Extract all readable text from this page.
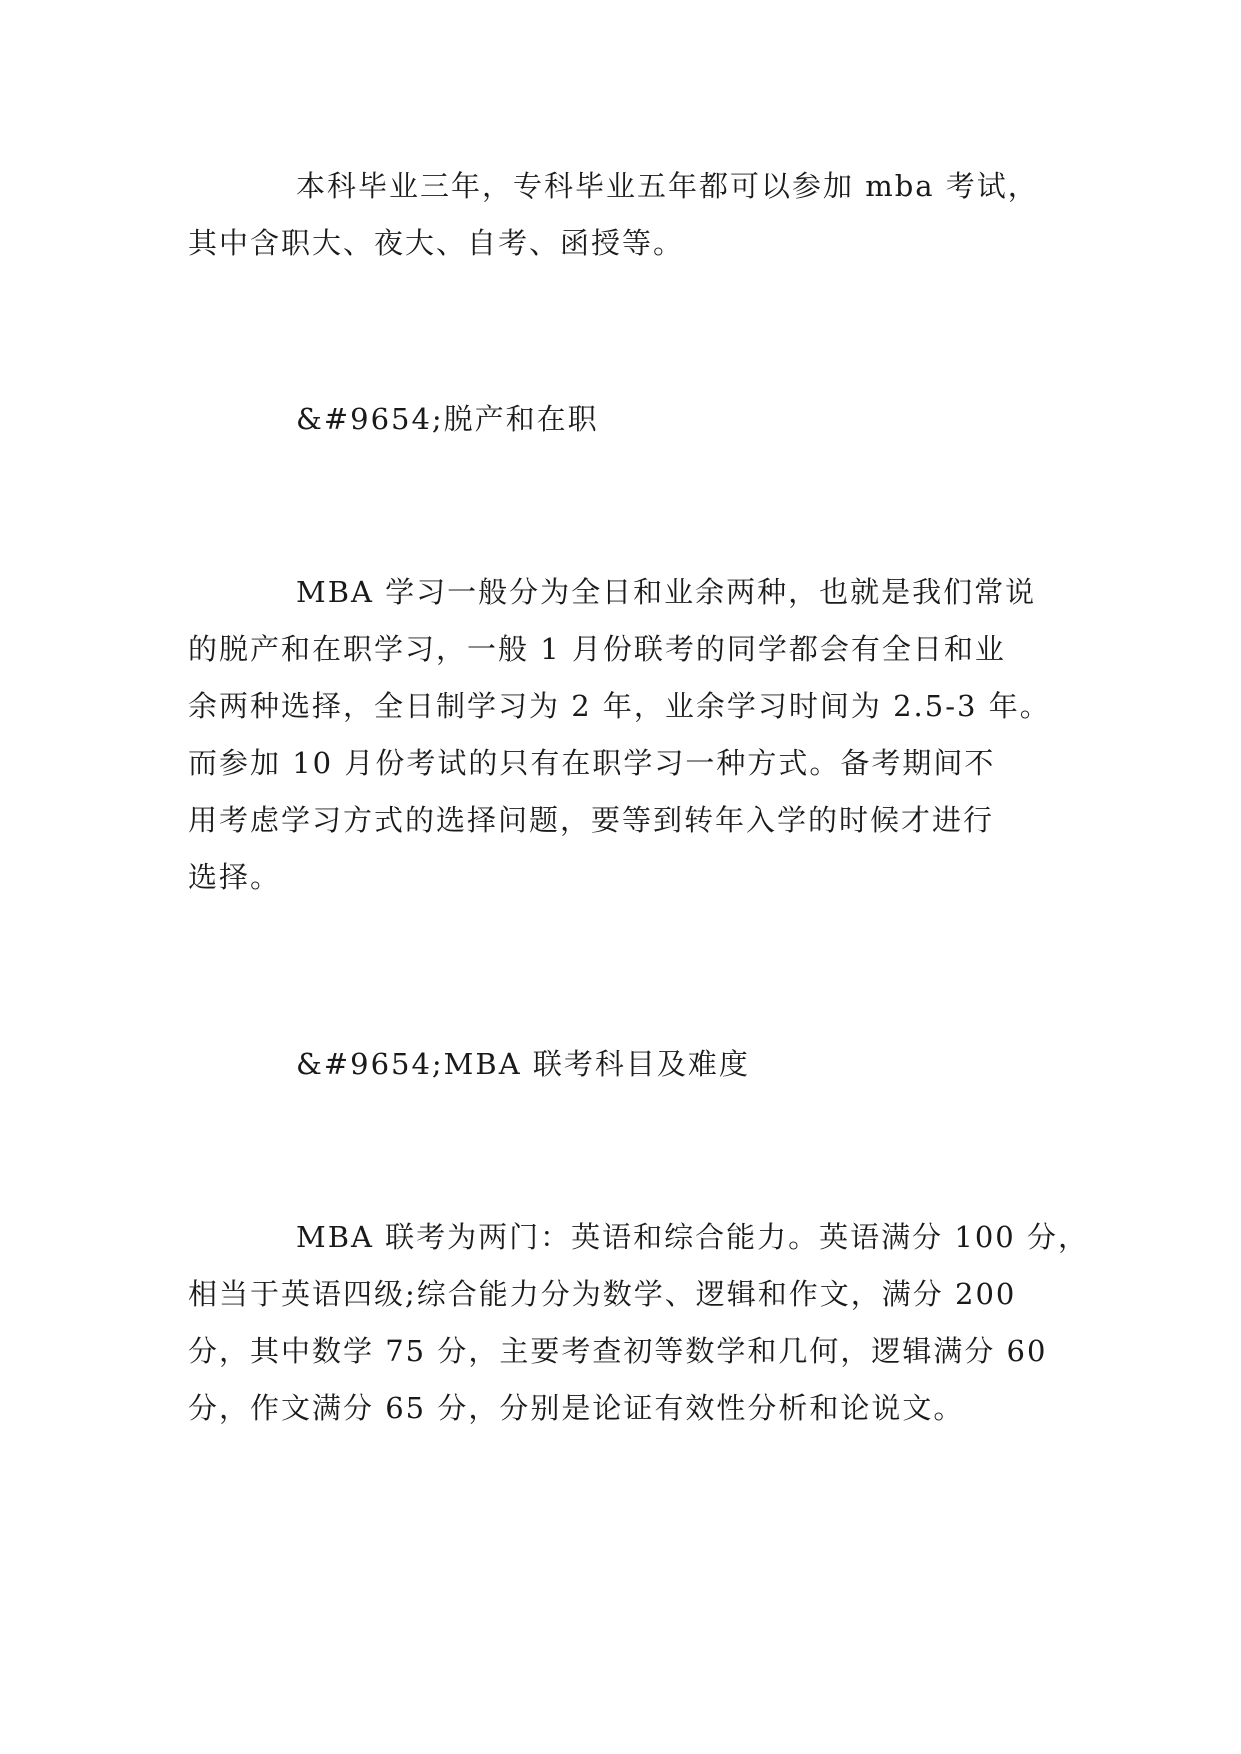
本科毕业三年，专科毕业五年都可以参加 mba 考试，
其中含职大、夜大、自考、函授等。
&#9654;脱产和在职
MBA 学习一般分为全日和业余两种，也就是我们常说
的脱产和在职学习，一般 1 月份联考的同学都会有全日和业
余两种选择，全日制学习为 2 年，业余学习时间为 2.5-3 年。
而参加 10 月份考试的只有在职学习一种方式。备考期间不
用考虑学习方式的选择问题，要等到转年入学的时候才进行
选择。
&#9654;MBA 联考科目及难度
MBA 联考为两门：英语和综合能力。英语满分 100 分，
相当于英语四级;综合能力分为数学、逻辑和作文，满分 200
分，其中数学 75 分，主要考查初等数学和几何，逻辑满分 60
分，作文满分 65 分，分别是论证有效性分析和论说文。
